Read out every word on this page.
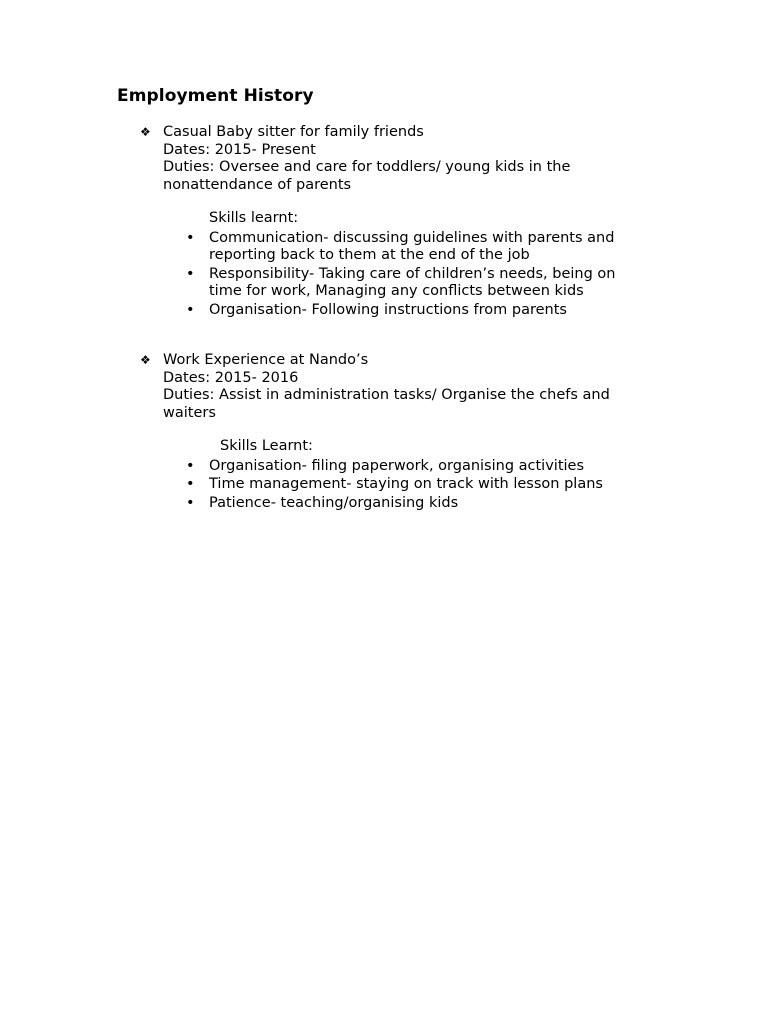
Employment History
❖ Casual Baby sitter for family friends
Dates: 2015- Present
Duties: Oversee and care for toddlers/ young kids in the nonattendance of parents
Skills learnt:
• Communication- discussing guidelines with parents and reporting back to them at the end of the job
• Responsibility- Taking care of children’s needs, being on time for work, Managing any conflicts between kids
• Organisation- Following instructions from parents
❖ Work Experience at Nando’s
Dates: 2015- 2016
Duties: Assist in administration tasks/ Organise the chefs and waiters
Skills Learnt:
• Organisation- filing paperwork, organising activities
• Time management- staying on track with lesson plans
• Patience- teaching/organising kids
